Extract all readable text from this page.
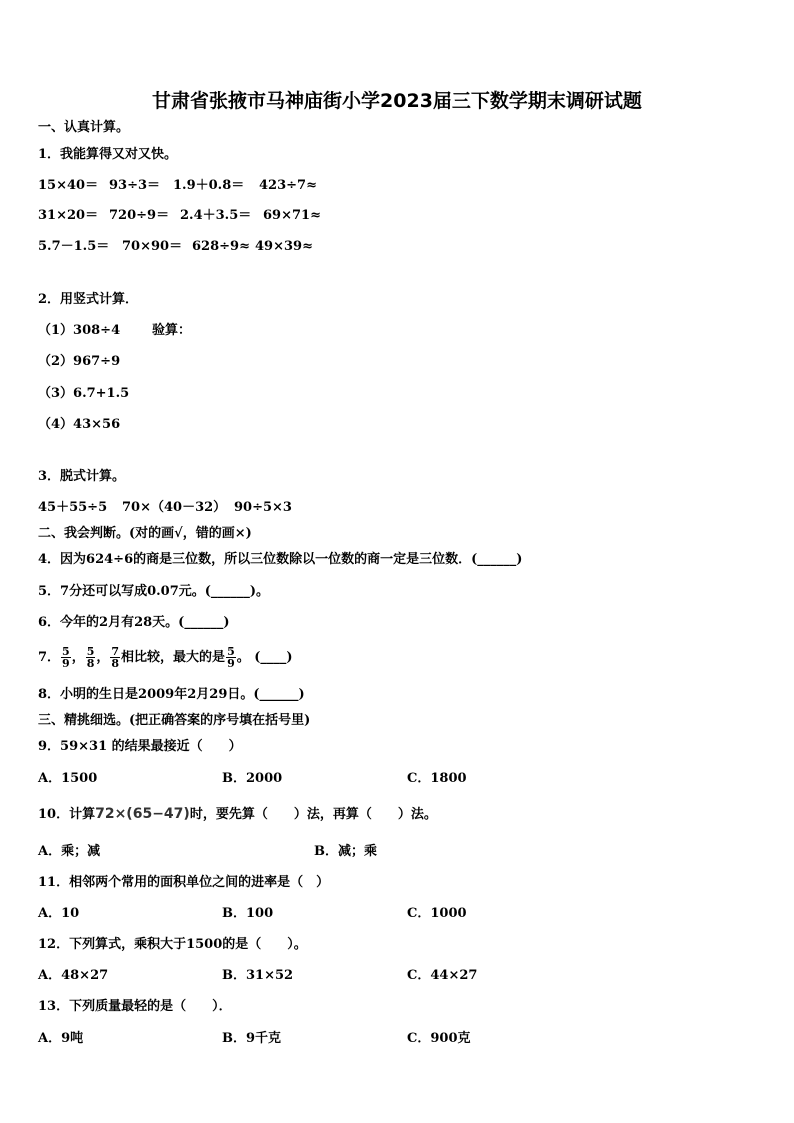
甘肃省张掖市马神庙街小学2023届三下数学期末调研试题
一、认真计算。
1．我能算得又对又快。
15×40＝ 93÷3＝ 1.9＋0.8＝ 423÷7≈
31×20＝ 720÷9＝ 2.4＋3.5＝ 69×71≈
5.7－1.5＝ 70×90＝ 628÷9≈ 49×39≈
2．用竖式计算．
（1）308÷4 验算：
（2）967÷9
（3）6.7+1.5
（4）43×56
3．脱式计算。
45＋55÷5 70×（40－32） 90÷5×3
二、我会判断。(对的画√，错的画×)
4．因为624÷6的商是三位数，所以三位数除以一位数的商一定是三位数．(______)
5．7分还可以写成0.07元。(______)。
6．今年的2月有28天。(______)
7． $\frac{5}{9}$ ， $\frac{5}{8}$ ， $\frac{7}{8}$ 相比较，最大的是 $\frac{5}{9}$ 。 (____)
8．小明的生日是2009年2月29日。(______)
三、精挑细选。(把正确答案的序号填在括号里)
9．59×31 的结果最接近（　　）
A．1500	B．2000	C．1800
10．计算72×(65−47)时，要先算（　　）法，再算（　　）法。
A．乘；减	B．减；乘
11．相邻两个常用的面积单位之间的进率是（　）
A．10	B．100	C．1000
12．下列算式，乘积大于1500的是（　　）。
A．48×27	B．31×52	C．44×27
13．下列质量最轻的是（　　）．
A．9吨	B．9千克	C．900克
